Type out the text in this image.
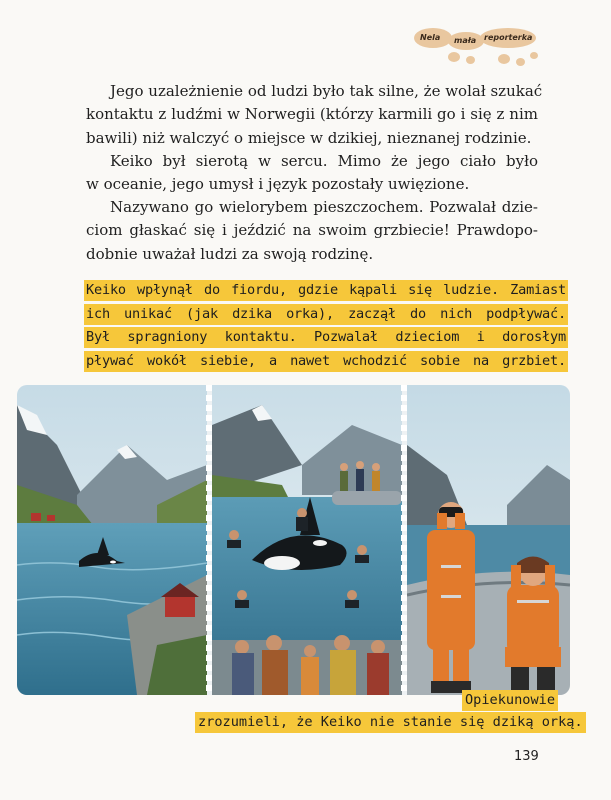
Nela mała reporterka

Jego uzależnienie od ludzi było tak silne, że wolał szukać
kontaktu z ludźmi w Norwegii (którzy karmili go i się z nim
bawili) niż walczyć o miejsce w dzikiej, nieznanej rodzinie.

Keiko był sierotą w sercu. Mimo że jego ciało było
w oceanie, jego umysł i język pozostały uwięzione.

Nazywano go wielorybem pieszczochem. Pozwalał dzie-
ciom głaskać się i jeździć na swoim grzbiecie! Prawdopo-
dobnie uważał ludzi za swoją rodzinę.

Keiko wpłynął do fiordu, gdzie kąpali się ludzie. Zamiast
ich unikać (jak dzika orka), zaczął do nich podpływać.
Był spragniony kontaktu. Pozwalał dzieciom i dorosłym
pływać wokół siebie, a nawet wchodzić sobie na grzbiet.
Opiekunowie
zrozumieli, że Keiko nie stanie się dziką orką.
139
